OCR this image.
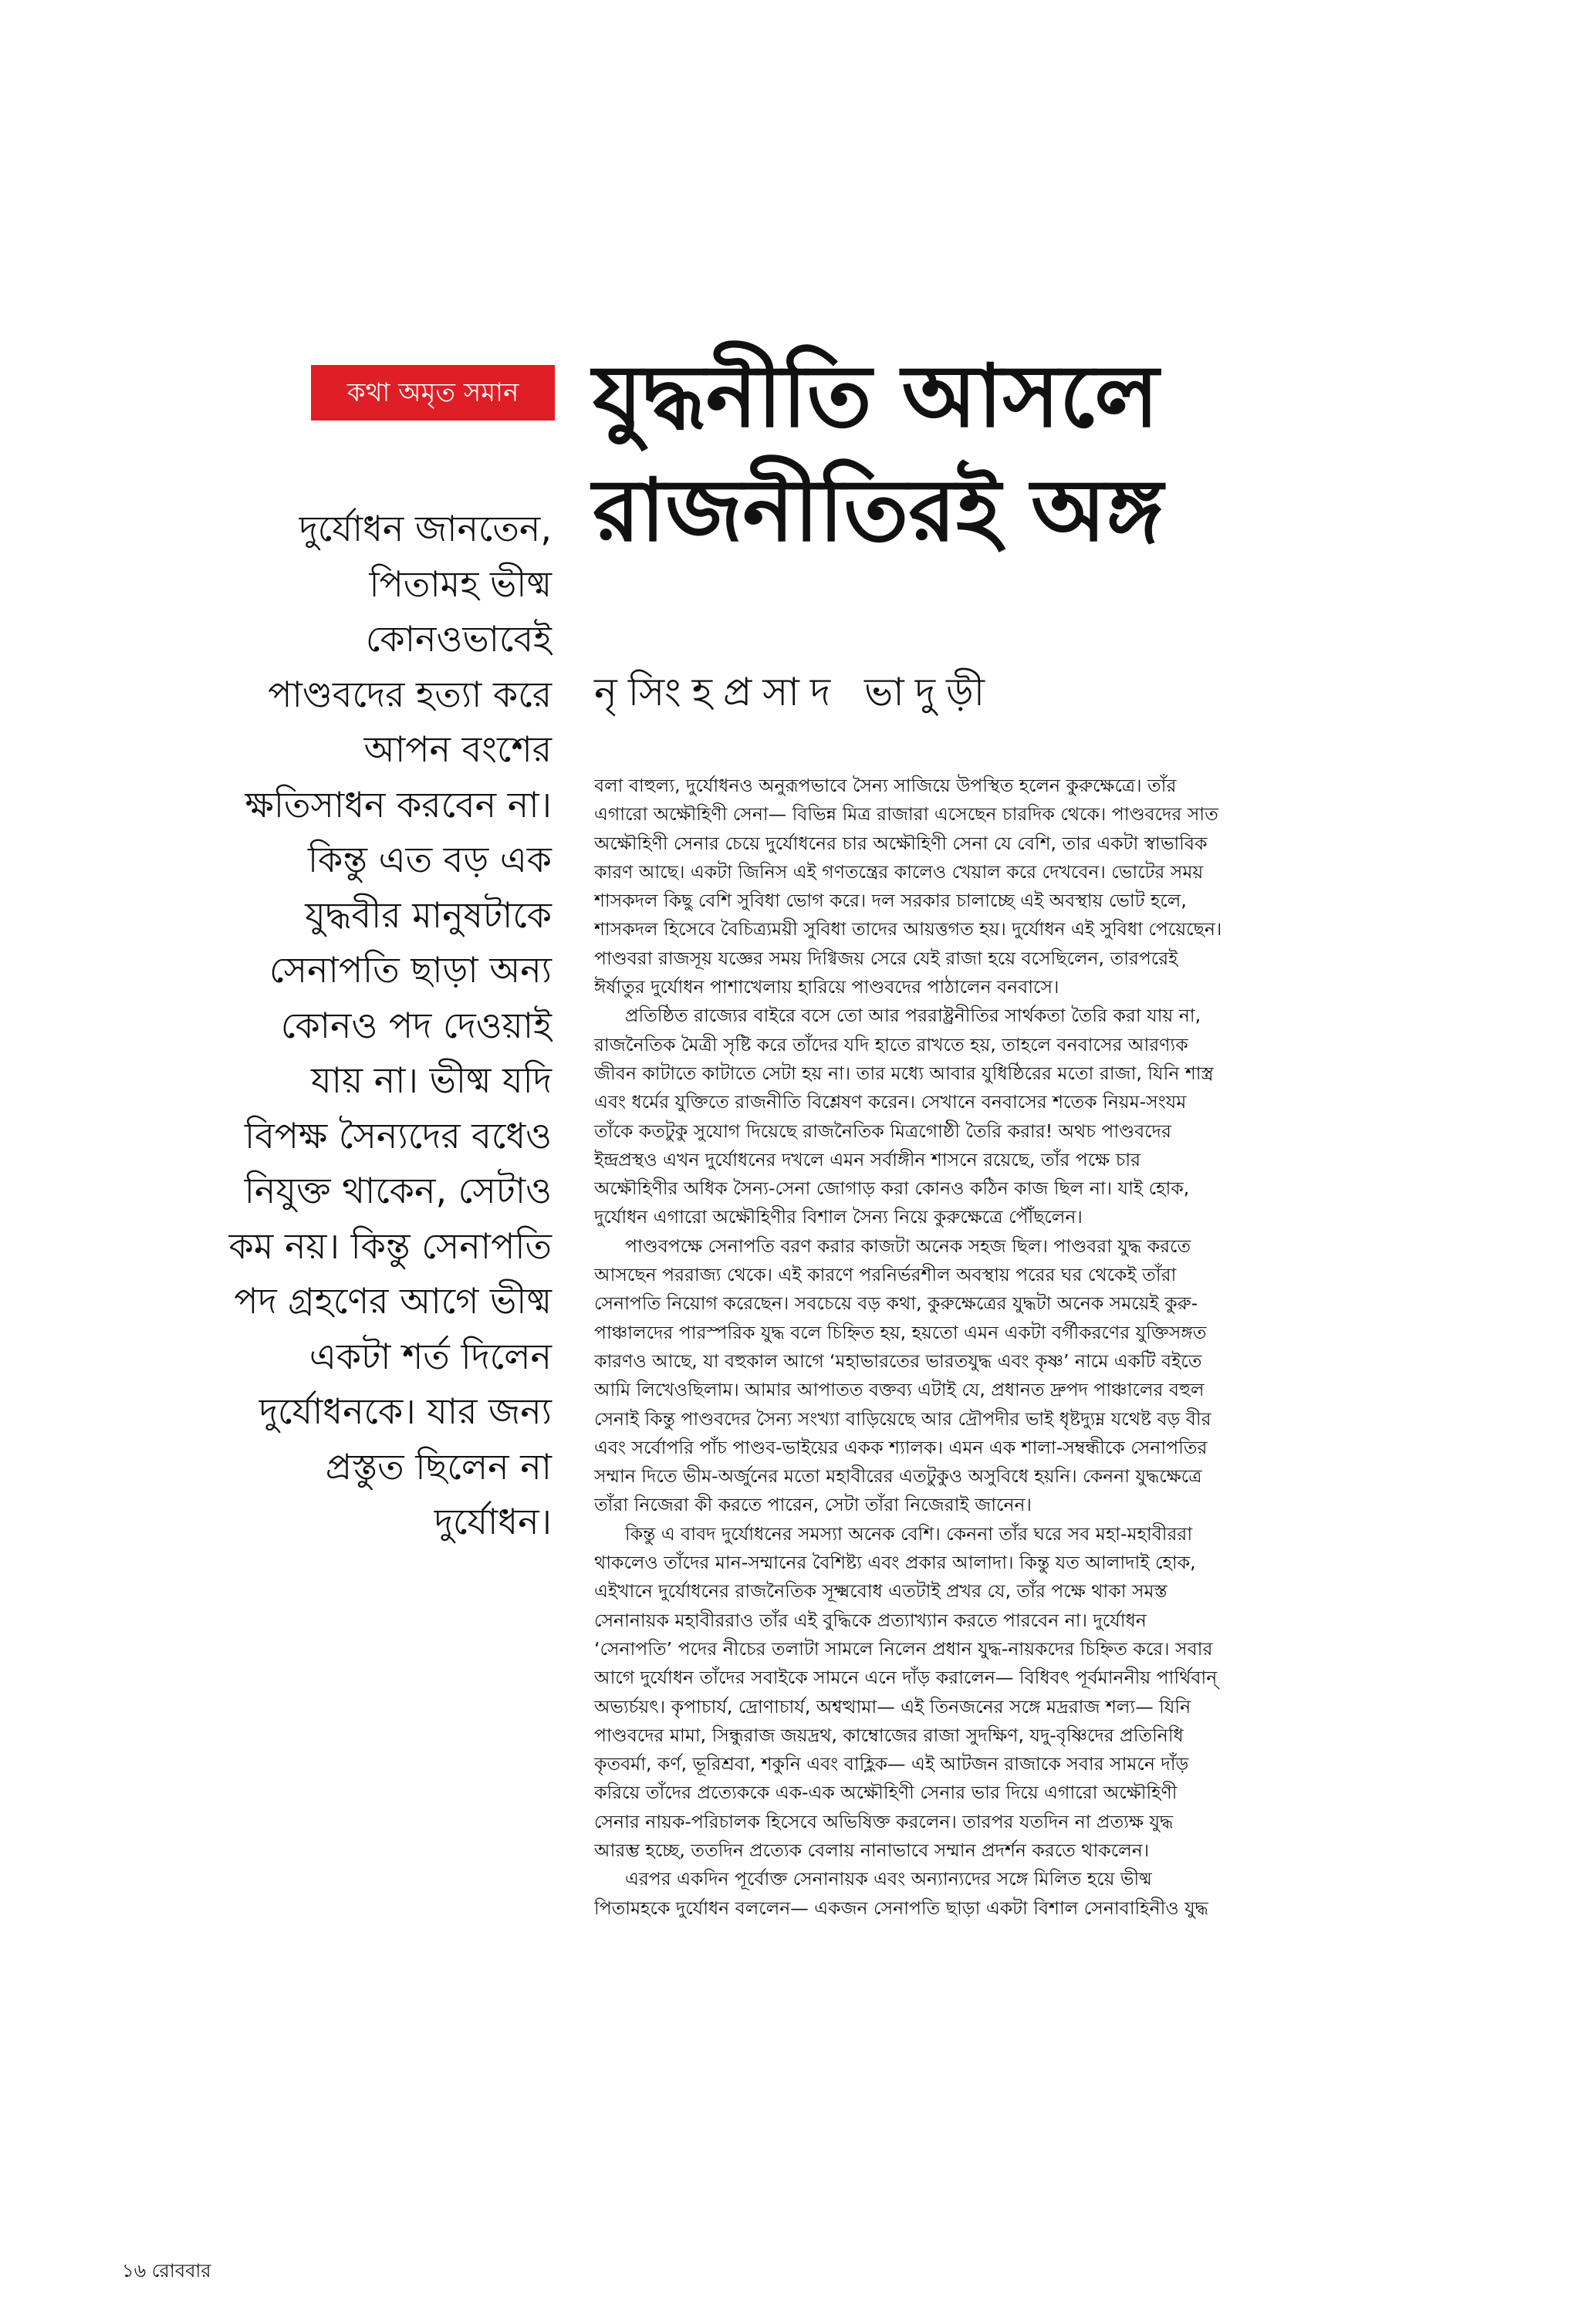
কথা অমৃত সমান যুদ্ধনীতি আসলে
রাজনীতিরই অঙ্গ
নৃসিংহপ্রসাদ ভাদুড়ী
দুর্যোধন জানতেন,
পিতামহ ভীষ্ম
কোনওভাবেই
পাণ্ডবদের হত্যা করে
আপন বংশের
ক্ষতিসাধন করবেন না।
কিন্তু এত বড় এক
যুদ্ধবীর মানুষটাকে
সেনাপতি ছাড়া অন্য
কোনও পদ দেওয়াই
যায় না। ভীষ্ম যদি
বিপক্ষ সৈন্যদের বধেও
নিযুক্ত থাকেন, সেটাও
কম নয়। কিন্তু সেনাপতি
পদ গ্রহণের আগে ভীষ্ম
একটা শর্ত দিলেন
দুর্যোধনকে। যার জন্য
প্রস্তুত ছিলেন না
দুর্যোধন।
বলা বাহুল্য, দুর্যোধনও অনুরূপভাবে সৈন্য সাজিয়ে উপস্থিত হলেন কুরুক্ষেত্রে। তাঁর
এগারো অক্ষৌহিণী সেনা— বিভিন্ন মিত্র রাজারা এসেছেন চারদিক থেকে। পাণ্ডবদের সাত
অক্ষৌহিণী সেনার চেয়ে দুর্যোধনের চার অক্ষৌহিণী সেনা যে বেশি, তার একটা স্বাভাবিক
কারণ আছে। একটা জিনিস এই গণতন্ত্রের কালেও খেয়াল করে দেখবেন। ভোটের সময়
শাসকদল কিছু বেশি সুবিধা ভোগ করে। দল সরকার চালাচ্ছে এই অবস্থায় ভোট হলে,
শাসকদল হিসেবে বৈচিত্র্যময়ী সুবিধা তাদের আয়ত্তগত হয়। দুর্যোধন এই সুবিধা পেয়েছেন।
পাণ্ডবরা রাজসূয় যজ্ঞের সময় দিগ্বিজয় সেরে যেই রাজা হয়ে বসেছিলেন, তারপরেই
ঈর্ষাতুর দুর্যোধন পাশাখেলায় হারিয়ে পাণ্ডবদের পাঠালেন বনবাসে।
প্রতিষ্ঠিত রাজ্যের বাইরে বসে তো আর পররাষ্ট্রনীতির সার্থকতা তৈরি করা যায় না,
রাজনৈতিক মৈত্রী সৃষ্টি করে তাঁদের যদি হাতে রাখতে হয়, তাহলে বনবাসের আরণ্যক
জীবন কাটাতে কাটাতে সেটা হয় না। তার মধ্যে আবার যুধিষ্ঠিরের মতো রাজা, যিনি শাস্ত্র
এবং ধর্মের যুক্তিতে রাজনীতি বিশ্লেষণ করেন। সেখানে বনবাসের শতেক নিয়ম-সংযম
তাঁকে কতটুকু সুযোগ দিয়েছে রাজনৈতিক মিত্রগোষ্ঠী তৈরি করার! অথচ পাণ্ডবদের
ইন্দ্রপ্রস্থও এখন দুর্যোধনের দখলে এমন সর্বাঙ্গীন শাসনে রয়েছে, তাঁর পক্ষে চার
অক্ষৌহিণীর অধিক সৈন্য-সেনা জোগাড় করা কোনও কঠিন কাজ ছিল না। যাই হোক,
দুর্যোধন এগারো অক্ষৌহিণীর বিশাল সৈন্য নিয়ে কুরুক্ষেত্রে পৌঁছলেন।
পাণ্ডবপক্ষে সেনাপতি বরণ করার কাজটা অনেক সহজ ছিল। পাণ্ডবরা যুদ্ধ করতে
আসছেন পররাজ্য থেকে। এই কারণে পরনির্ভরশীল অবস্থায় পরের ঘর থেকেই তাঁরা
সেনাপতি নিয়োগ করেছেন। সবচেয়ে বড় কথা, কুরুক্ষেত্রের যুদ্ধটা অনেক সময়েই কুরু-
পাঞ্চালদের পারস্পরিক যুদ্ধ বলে চিহ্নিত হয়, হয়তো এমন একটা বর্গীকরণের যুক্তিসঙ্গত
কারণও আছে, যা বহুকাল আগে ‘মহাভারতের ভারতযুদ্ধ এবং কৃষ্ণ’ নামে একটি বইতে
আমি লিখেওছিলাম। আমার আপাতত বক্তব্য এটাই যে, প্রধানত দ্রুপদ পাঞ্চালের বহুল
সেনাই কিন্তু পাণ্ডবদের সৈন্য সংখ্যা বাড়িয়েছে আর দ্রৌপদীর ভাই ধৃষ্টদ্যুম্ন যথেষ্ট বড় বীর
এবং সর্বোপরি পাঁচ পাণ্ডব-ভাইয়ের একক শ্যালক। এমন এক শালা-সম্বন্ধীকে সেনাপতির
সম্মান দিতে ভীম-অর্জুনের মতো মহাবীরের এতটুকুও অসুবিধে হয়নি। কেননা যুদ্ধক্ষেত্রে
তাঁরা নিজেরা কী করতে পারেন, সেটা তাঁরা নিজেরাই জানেন।
কিন্তু এ বাবদ দুর্যোধনের সমস্যা অনেক বেশি। কেননা তাঁর ঘরে সব মহা-মহাবীররা
থাকলেও তাঁদের মান-সম্মানের বৈশিষ্ট্য এবং প্রকার আলাদা। কিন্তু যত আলাদাই হোক,
এইখানে দুর্যোধনের রাজনৈতিক সূক্ষ্মবোধ এতটাই প্রখর যে, তাঁর পক্ষে থাকা সমস্ত
সেনানায়ক মহাবীররাও তাঁর এই বুদ্ধিকে প্রত্যাখ্যান করতে পারবেন না। দুর্যোধন
‘সেনাপতি’ পদের নীচের তলাটা সামলে নিলেন প্রধান যুদ্ধ-নায়কদের চিহ্নিত করে। সবার
আগে দুর্যোধন তাঁদের সবাইকে সামনে এনে দাঁড় করালেন— বিধিবৎ পূর্বমাননীয় পার্থিবান্
অভ্যর্চয়ৎ। কৃপাচার্য, দ্রোণাচার্য, অশ্বত্থামা— এই তিনজনের সঙ্গে মদ্ররাজ শল্য— যিনি
পাণ্ডবদের মামা, সিন্ধুরাজ জয়দ্রথ, কাম্বোজের রাজা সুদক্ষিণ, যদু-বৃষ্ণিদের প্রতিনিধি
কৃতবর্মা, কর্ণ, ভূরিশ্রবা, শকুনি এবং বাহ্লিক— এই আটজন রাজাকে সবার সামনে দাঁড়
করিয়ে তাঁদের প্রত্যেককে এক-এক অক্ষৌহিণী সেনার ভার দিয়ে এগারো অক্ষৌহিণী
সেনার নায়ক-পরিচালক হিসেবে অভিষিক্ত করলেন। তারপর যতদিন না প্রত্যক্ষ যুদ্ধ
আরম্ভ হচ্ছে, ততদিন প্রত্যেক বেলায় নানাভাবে সম্মান প্রদর্শন করতে থাকলেন।
এরপর একদিন পূর্বোক্ত সেনানায়ক এবং অন্যান্যদের সঙ্গে মিলিত হয়ে ভীষ্ম
পিতামহকে দুর্যোধন বললেন— একজন সেনাপতি ছাড়া একটা বিশাল সেনাবাহিনীও যুদ্ধ
১৬ রোববার
